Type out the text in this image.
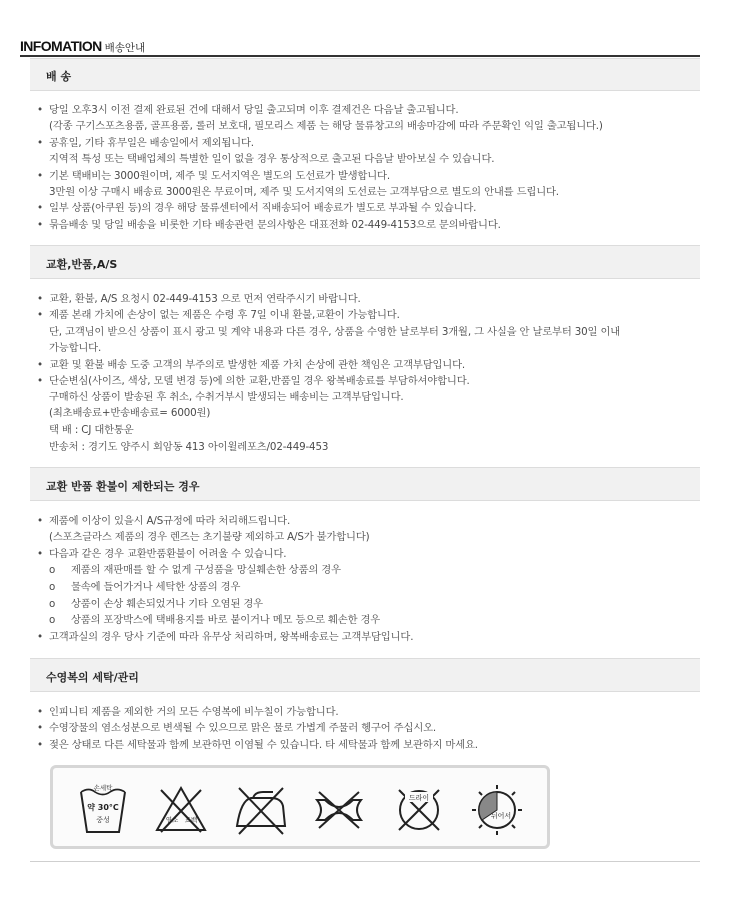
INFOMATION 배송안내
배 송
• 당일 오후3시 이전 결제 완료된 건에 대해서 당일 출고되며 이후 결제건은 다음날 출고됩니다.
(각종 구기스포츠용품, 골프용품, 롤러 보호대, 필모리스 제품 는 해당 물류창고의 배송마감에 따라 주문확인 익일 출고됩니다.)
• 공휴일, 기타 휴무일은 배송일에서 제외됩니다.
지역적 특성 또는 택배업체의 특별한 일이 없을 경우 통상적으로 출고된 다음날 받아보실 수 있습니다.
• 기본 택배비는 3000원이며, 제주 및 도서지역은 별도의 도선료가 발생합니다.
3만원 이상 구매시 배송료 3000원은 무료이며, 제주 및 도서지역의 도선료는 고객부담으로 별도의 안내를 드립니다.
• 일부 상품(아쿠윈 등)의 경우 해당 물류센터에서 직배송되어 배송료가 별도로 부과될 수 있습니다.
• 묶음배송 및 당일 배송을 비롯한 기타 배송관련 문의사항은 대표전화 02-449-4153으로 문의바랍니다.
교환,반품,A/S
• 교환, 환불, A/S 요청시 02-449-4153 으로 먼저 연락주시기 바랍니다.
• 제품 본래 가치에 손상이 없는 제품은 수령 후 7일 이내 환불,교환이 가능합니다.
단, 고객님이 받으신 상품이 표시 광고 및 계약 내용과 다른 경우, 상품을 수영한 날로부터 3개월, 그 사실을 안 날로부터 30일 이내
가능합니다.
• 교환 및 환불 배송 도중 고객의 부주의로 발생한 제품 가치 손상에 관한 책임은 고객부담입니다.
• 단순변심(사이즈, 색상, 모델 변경 등)에 의한 교환,반품일 경우 왕복배송료를 부담하셔야합니다.
구매하신 상품이 발송된 후 취소, 수취거부시 발생되는 배송비는 고객부담입니다.
(최초배송료+반송배송료= 6000원)
택 배 : CJ 대한통운
반송처 : 경기도 양주시 회암동 413 아이윌레포츠/02-449-453
교환 반품 환불이 제한되는 경우
• 제품에 이상이 있을시 A/S규정에 따라 처리해드립니다.
(스포츠글라스 제품의 경우 렌즈는 초기불량 제외하고 A/S가 불가합니다)
• 다음과 같은 경우 교환반품환불이 어려울 수 있습니다.
o 제품의 재판매를 할 수 없게 구성품을 망실훼손한 상품의 경우
o 물속에 들어가거나 세탁한 상품의 경우
o 상품이 손상 훼손되었거나 기타 오염된 경우
o 상품의 포장박스에 택배용지를 바로 붙이거나 메모 등으로 훼손한 경우
• 고객과실의 경우 당사 기준에 따라 유무상 처리하며, 왕복배송료는 고객부담입니다.
수영복의 세탁/관리
• 인피니티 제품을 제외한 거의 모든 수영복에 비누칠이 가능합니다.
• 수영장물의 염소성분으로 변색될 수 있으므로 맑은 물로 가볍게 주물러 헹구어 주십시오.
• 젖은 상태로 다른 세탁물과 함께 보관하면 이염될 수 있습니다. 타 세탁물과 함께 보관하지 마세요.
손세탁
약 30°C
중성	염소 표백
드라이
뉘어서
